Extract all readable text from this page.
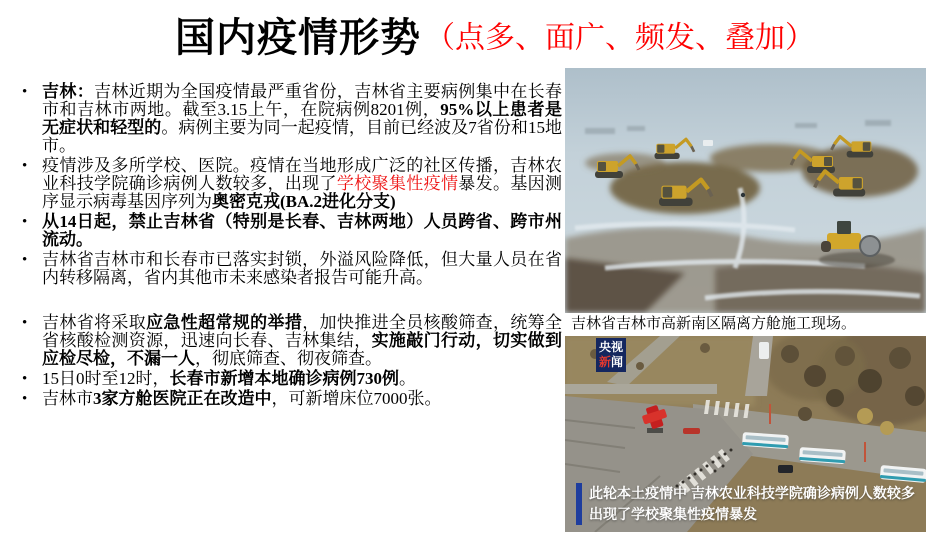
国内疫情形势 （点多、面广、频发、叠加）
• 吉林：吉林近期为全国疫情最严重省份，吉林省主要病例集中在长春市和吉林市两地。截至3.15上午，在院病例8201例，95%以上患者是无症状和轻型的。病例主要为同一起疫情，目前已经波及7省份和15地市。
• 疫情涉及多所学校、医院。疫情在当地形成广泛的社区传播，吉林农业科技学院确诊病例人数较多，出现了学校聚集性疫情暴发。基因测序显示病毒基因序列为奥密克戎(BA.2进化分支)
• 从14日起，禁止吉林省（特别是长春、吉林两地）人员跨省、跨市州流动。
• 吉林省吉林市和长春市已落实封锁，外溢风险降低，但大量人员在省内转移隔离，省内其他市未来感染者报告可能升高。
• 吉林省将采取应急性超常规的举措，加快推进全员核酸筛查，统筹全省核酸检测资源，迅速向长春、吉林集结，实施敲门行动，切实做到应检尽检，不漏一人，彻底筛查、彻夜筛查。
• 15日0时至12时，长春市新增本地确诊病例730例。
• 吉林市3家方舱医院正在改造中，可新增床位7000张。
吉林省吉林市高新南区隔离方舱施工现场。
央视
新闻
此轮本土疫情中 吉林农业科技学院确诊病例人数较多
出现了学校聚集性疫情暴发
